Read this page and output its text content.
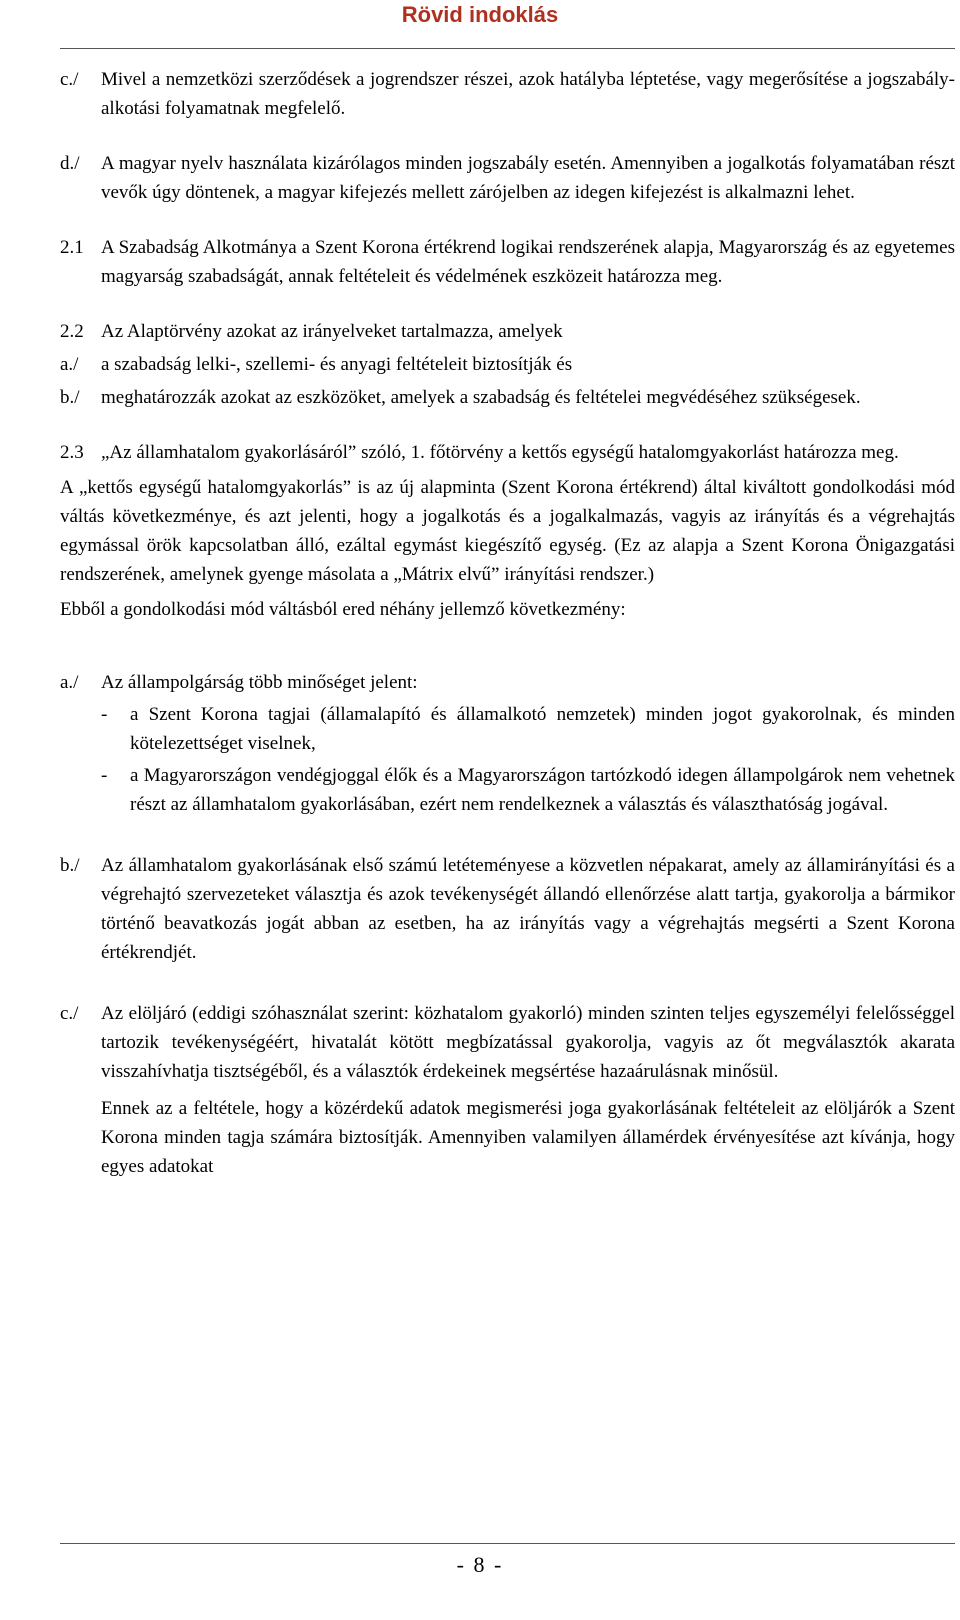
Rövid indoklás
c./	Mivel a nemzetközi szerződések a jogrendszer részei, azok hatályba léptetése, vagy megerősítése a jogszabály-alkotási folyamatnak megfelelő.
d./	A magyar nyelv használata kizárólagos minden jogszabály esetén. Amennyiben a jogalkotás folyamatában részt vevők úgy döntenek, a magyar kifejezés mellett zárójelben az idegen kifejezést is alkalmazni lehet.
2.1 A Szabadság Alkotmánya a Szent Korona értékrend logikai rendszerének alapja, Magyarország és az egyetemes magyarság szabadságát, annak feltételeit és védelmének eszközeit határozza meg.
2.2 Az Alaptörvény azokat az irányelveket tartalmazza, amelyek
a./	a szabadság lelki-, szellemi- és anyagi feltételeit biztosítják és
b./	meghatározzák azokat az eszközöket, amelyek a szabadság és feltételei megvédéséhez szükségesek.
2.3 „Az államhatalom gyakorlásáról” szóló, 1. főtörvény a kettős egységű hatalomgyakorlást határozza meg.

A „kettős egységű hatalomgyakorlás” is az új alapminta (Szent Korona értékrend) által kiváltott gondolkodási mód váltás következménye, és azt jelenti, hogy a jogalkotás és a jogalkalmazás, vagyis az irányítás és a végrehajtás egymással örök kapcsolatban álló, ezáltal egymást kiegészítő egység. (Ez az alapja a Szent Korona Önigazgatási rendszerének, amelynek gyenge másolata a „Mátrix elvű” irányítási rendszer.)

Ebből a gondolkodási mód váltásból ered néhány jellemző következmény:

a./	Az állampolgárság több minőséget jelent:
-	a Szent Korona tagjai (államalapító és államalkotó nemzetek) minden jogot gyakorolnak, és minden kötelezettséget viselnek,
-	a Magyarországon vendégjoggal élők és a Magyarországon tartózkodó idegen állampolgárok nem vehetnek részt az államhatalom gyakorlásában, ezért nem rendelkeznek a választás és választhatóság jogával.
b./	Az államhatalom gyakorlásának első számú letéteményese a közvetlen népakarat, amely az államirányítási és a végrehajtó szervezeteket választja és azok tevékenységét állandó ellenőrzése alatt tartja, gyakorolja a bármikor történő beavatkozás jogát abban az esetben, ha az irányítás vagy a végrehajtás megsérti a Szent Korona értékrendjét.
c./	Az elöljáró (eddigi szóhasználat szerint: közhatalom gyakorló) minden szinten teljes egyszemélyi felelősséggel tartozik tevékenységéért, hivatalát kötött megbízatással gyakorolja, vagyis az őt megválasztók akarata visszahívhatja tisztségéből, és a választók érdekeinek megsértése hazaárulásnak minősül.

Ennek az a feltétele, hogy a közérdekű adatok megismerési joga gyakorlásának feltételeit az elöljárók a Szent Korona minden tagja számára biztosítják. Amennyiben valamilyen államérdek érvényesítése azt kívánja, hogy egyes adatokat

- 8 -
